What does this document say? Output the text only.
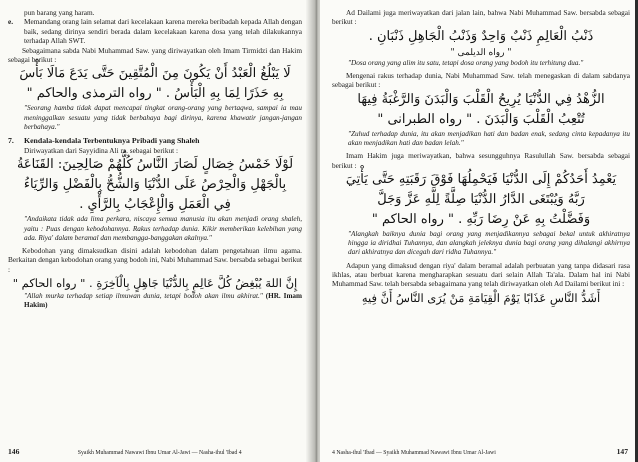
pun barang yang haram.

e.	Memandang orang lain selamat dari kecelakaan karena mereka beribadah kepada Allah dengan baik, sedang dirinya sendiri berada dalam kecelakaan karena dosa yang telah dilakukannya terhadap Allah SWT.

Sebagaimana sabda Nabi Muhammad Saw. yang diriwayatkan oleh Imam Tirmidzi dan Hakim sebagai berikut :

لَا يَبْلُغُ الْعَبْدُ أَنْ يَكُونَ مِنَ الْمُتَّقِينَ حَتَّى يَدَعَ مَالَا بَأْسَ
بِهِ حَذَرًا لِمَا بِهِ الْبَأْسُ . " رواه الترمذى والحاكم "

"Seorang hamba tidak dapat mencapai tingkat orang-orang yang bertaqwa, sampai ia mau meninggalkan sesuatu yang tidak berbahaya bagi dirinya, karena khawatir jangan-jangan berbahaya."

7.	Kendala-kendala Terbentuknya Pribadi yang Shaleh

Diriwayatkan dari Sayyidina Ali ra. sebagai berikut :

لَوْلَا خَمْسُ خِصَالٍ لَصَارَ النَّاسُ كُلُّهُمْ صَالِحِينَ: القَنَاعَةُ
بِالْجَهْلِ وَالْحِرْصُ عَلَى الدُّنْيَا وَالشُّحُّ بِالْفَضْلِ وَالرِّيَاءُ
فِي الْعَمَلِ وَالْإِعْجَابُ بِالرَّأْيِ .

"Andaikata tidak ada lima perkara, niscaya semua manusia itu akan menjadi orang shaleh, yaitu : Puas dengan kebodohannya. Rakus terhadap dunia. Kikir memberikan kelebihan yang ada. Riya' dalam beramal dan membangga-banggakan akalnya."

Kebodohan yang dimaksudkan disini adalah kebodohan dalam pengetahuan ilmu agama. Berkaitan dengan kebodohan orang yang bodoh ini, Nabi Muhammad Saw. bersabda sebagai berikut :

إِنَّ اللهَ يُبْغِضُ كُلَّ عَالِمٍ بِالدُّنْيَا جَاهِلٍ بِالْآخِرَةِ . " رواه الحاكم "

"Allah murka terhadap setiap ilmuwan dunia, tetapi bodoh akan ilmu akhirat." (HR. Imam Hakim)

146	Syaikh Muhammad Nawawi Ibnu Umar Al-Jawi — Nasha-ihul 'Ibad 4

Ad Dailami juga meriwayatkan dari jalan lain, bahwa Nabi Muhammad Saw. bersabda sebagai berikut :

ذَنْبُ الْعَالِمِ ذَنْبٌ وَاحِدٌ وَذَنْبُ الْجَاهِلِ ذَنْبَانِ .
" رواه الديلمى "

"Dosa orang yang alim itu satu, tetapi dosa orang yang bodoh itu terhitung dua."

Mengenai rakus terhadap dunia, Nabi Muhammad Saw. telah menegaskan di dalam sabdanya sebagai berikut :

الزُّهْدُ فِي الدُّنْيَا يُرِيحُ الْقَلْبَ وَالْبَدَنَ وَالرَّغْبَةُ فِيهَا
تُتْعِبُ الْقَلْبَ وَالْبَدَنَ . " رواه الطبرانى "

"Zuhud terhadap dunia, itu akan menjadikan hati dan badan enak, sedang cinta kepadanya itu akan menjadikan hati dan badan lelah."

Imam Hakim juga meriwayatkan, bahwa sesungguhnya Rasulullah Saw. bersabda sebagai berikut :

يَعْمِدُ أَحَدُكُمْ إِلَى الدُّنْيَا فَيَحْمِلُهَا فَوْقَ رَقَبَتِهِ حَتَّى يَأْتِيَ
رَبَّهُ وَيُبْتَغَى الدَّارُ الدُّنْيَا صِلَّةً لِلَّهِ عَزَّ وَجَلَّ
وَفَضَّلْتُ بِهِ عَنْ رِضَا رَبِّهِ . " رواه الحاكم "

"Alangkah baiknya dunia bagi orang yang menjadikannya sebagai bekal untuk akhiratnya hingga ia diridhai Tuhannya, dan alangkah jeleknya dunia bagi orang yang dihalangi akhirnya dari akhiratnya dan dicegah dari ridha Tuhannya."

Adapun yang dimaksud dengan riya' dalam beramal adalah perbuatan yang tanpa didasari rasa ikhlas, atau berbuat karena mengharapkan sesuatu dari selain Allah Ta'ala. Dalam hal ini Nabi Muhammad Saw. telah bersabda sebagaimana yang telah diriwayatkan oleh Ad Dailami berikut ini :

أَشَدُّ النَّاسِ عَذَابًا يَوْمَ الْقِيَامَةِ مَنْ يُرَى النَّاسُ أَنَّ فِيهِ
4 Nasha-ihul 'Ibad — Syaikh Muhammad Nawawi Ibnu Umar Al-Jawi	147
